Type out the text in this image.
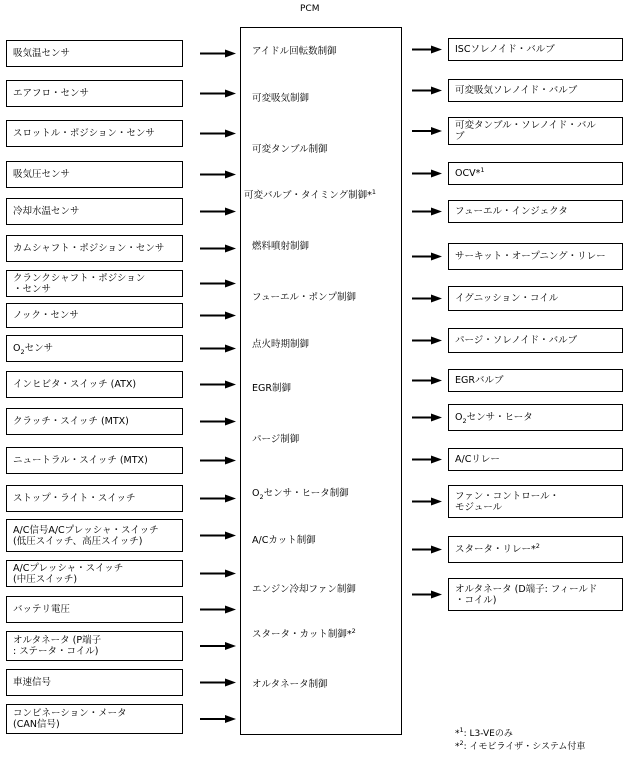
PCM
吸気温センサ
エアフロ・センサ
スロットル・ポジション・センサ
吸気圧センサ
冷却水温センサ
カムシャフト・ポジション・センサ
クランクシャフト・ポジション
・センサ
ノック・センサ
$O_2$センサ
インヒビタ・スイッチ (ATX)
クラッチ・スイッチ (MTX)
ニュートラル・スイッチ (MTX)
ストップ・ライト・スイッチ
A/C信号A/Cプレッシャ・スイッチ
(低圧スイッチ、高圧スイッチ)
A/Cプレッシャ・スイッチ
(中圧スイッチ)
バッテリ電圧
オルタネータ (P端子
: ステータ・コイル)
車速信号
コンビネーション・メータ
(CAN信号)
アイドル回転数制御
可変吸気制御
可変タンブル制御
可変バルブ・タイミング制御*$^1$
燃料噴射制御
フューエル・ポンプ制御
点火時期制御
EGR制御
パージ制御
$O_2$センサ・ヒータ制御
A/Cカット制御
エンジン冷却ファン制御
スタータ・カット制御*$^2$
オルタネータ制御
ISCソレノイド・バルブ
可変吸気ソレノイド・バルブ
可変タンブル・ソレノイド・バル
ブ
OCV*$^1$
フューエル・インジェクタ
サーキット・オープニング・リレー
イグニッション・コイル
パージ・ソレノイド・バルブ
EGRバルブ
$O_2$センサ・ヒータ
A/Cリレー
ファン・コントロール・
モジュール
スタータ・リレー*$^2$
オルタネータ (D端子: フィールド
・コイル)
*$^1$: L3-VEのみ
*$^2$: イモビライザ・システム付車
